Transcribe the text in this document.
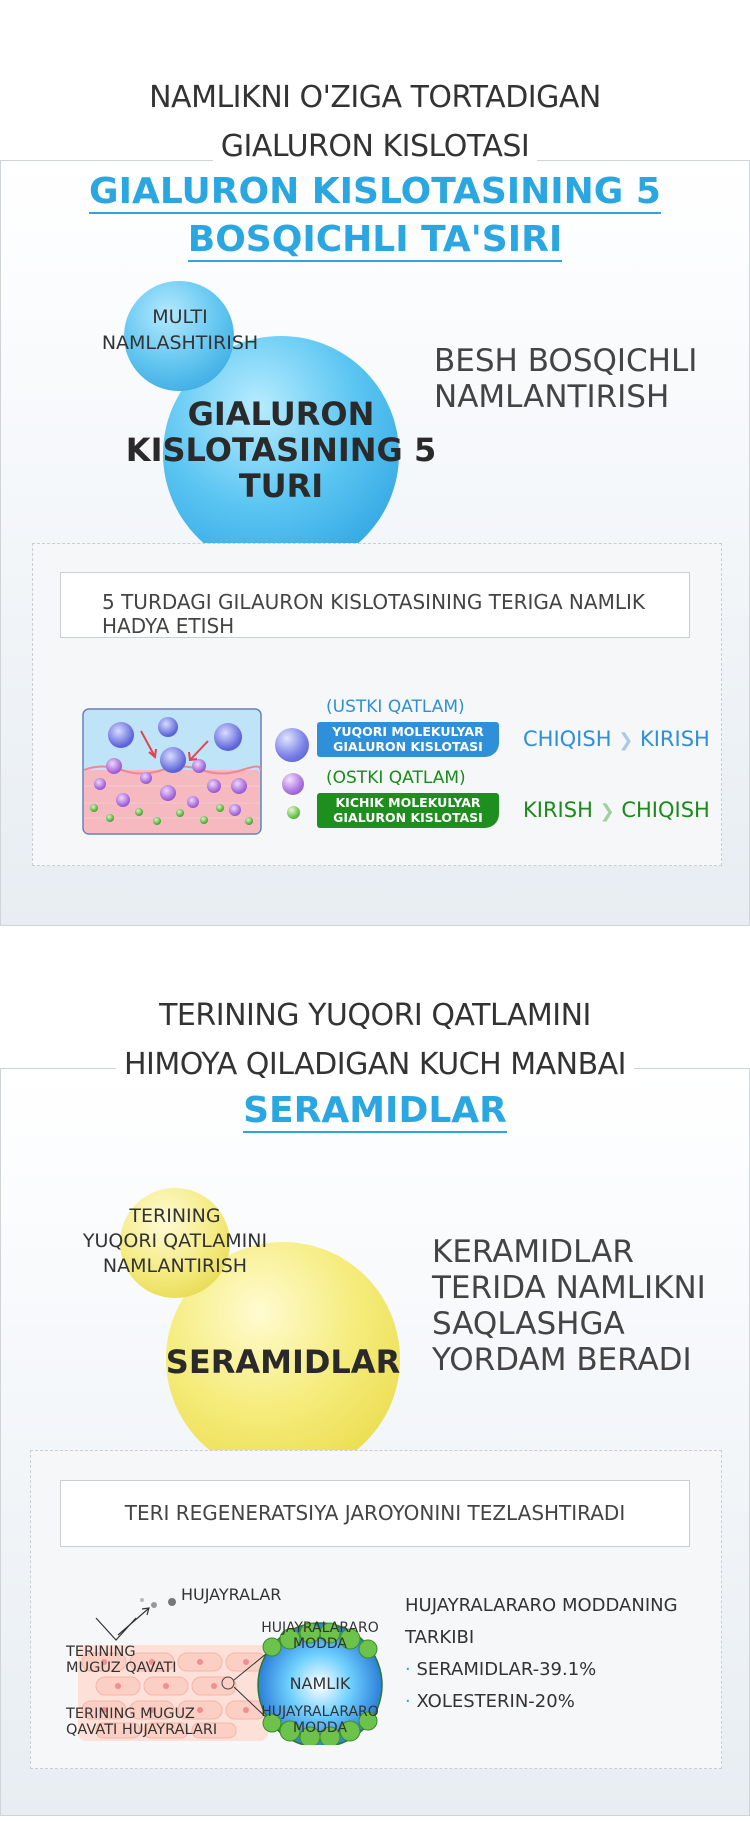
NAMLIKNI O'ZIGA TORTADIGAN
GIALURON KISLOTASI
GIALURON KISLOTASINING 5
BOSQICHLI TA'SIRI
MULTI
NAMLASHTIRISH
GIALURON
KISLOTASINING 5
TURI
BESH BOSQICHLI
NAMLANTIRISH
5 TURDAGI GILAURON KISLOTASINING TERIGA NAMLIK
HADYA ETISH
(USTKI QATLAM)
YUQORI MOLEKULYAR
GIALURON KISLOTASI	CHIQISH ❯ KIRISH
(OSTKI QATLAM)
KICHIK MOLEKULYAR
GIALURON KISLOTASI	KIRISH ❯ CHIQISH
TERINING YUQORI QATLAMINI
HIMOYA QILADIGAN KUCH MANBAI
SERAMIDLAR
TERINING
YUQORI QATLAMINI
NAMLANTIRISH
SERAMIDLAR
KERAMIDLAR
TERIDA NAMLIKNI
SAQLASHGA
YORDAM BERADI
TERI REGENERATSIYA JAROYONINI TEZLASHTIRADI
HUJAYRALAR
TERINING
MUGUZ QAVATI
TERINING MUGUZ
QAVATI HUJAYRALARI
HUJAYRALARARO
MODDA
NAMLIK
HUJAYRALARARO
MODDA
HUJAYRALARARO MODDANING
TARKIBI
· SERAMIDLAR-39.1%
· XOLESTERIN-20%
